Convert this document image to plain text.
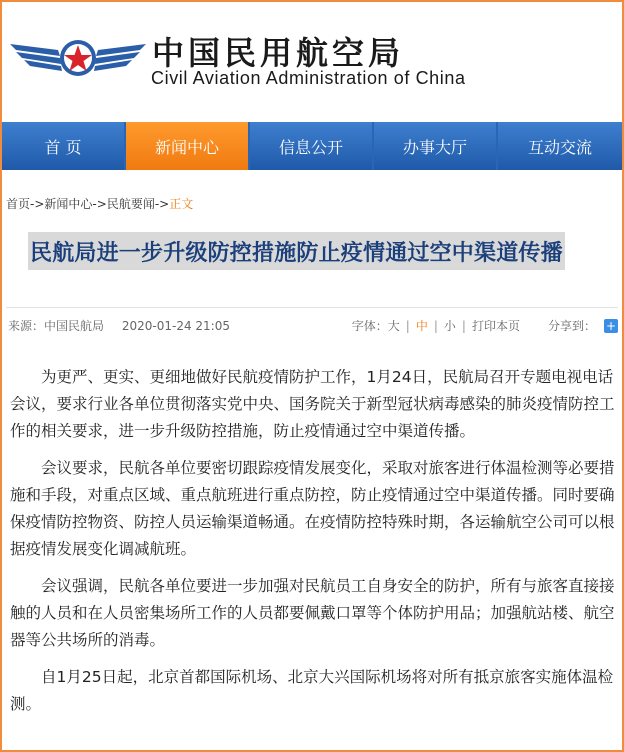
中国民用航空局
Civil Aviation Administration of China
首 页	新闻中心	信息公开	办事大厅	互动交流
首页->新闻中心->民航要闻->正文
民航局进一步升级防控措施防止疫情通过空中渠道传播
来源：中国民航局 2020-01-24 21:05	字体： 大 | 中 | 小 | 打印本页 分享到： +

为更严、更实、更细地做好民航疫情防护工作，1月24日，民航局召开专题电视电话会议，要求行业各单位贯彻落实党中央、国务院关于新型冠状病毒感染的肺炎疫情防控工作的相关要求，进一步升级防控措施，防止疫情通过空中渠道传播。

会议要求，民航各单位要密切跟踪疫情发展变化，采取对旅客进行体温检测等必要措施和手段，对重点区域、重点航班进行重点防控，防止疫情通过空中渠道传播。同时要确保疫情防控物资、防控人员运输渠道畅通。在疫情防控特殊时期，各运输航空公司可以根据疫情发展变化调减航班。

会议强调，民航各单位要进一步加强对民航员工自身安全的防护，所有与旅客直接接触的人员和在人员密集场所工作的人员都要佩戴口罩等个体防护用品；加强航站楼、航空器等公共场所的消毒。

自1月25日起，北京首都国际机场、北京大兴国际机场将对所有抵京旅客实施体温检测。
